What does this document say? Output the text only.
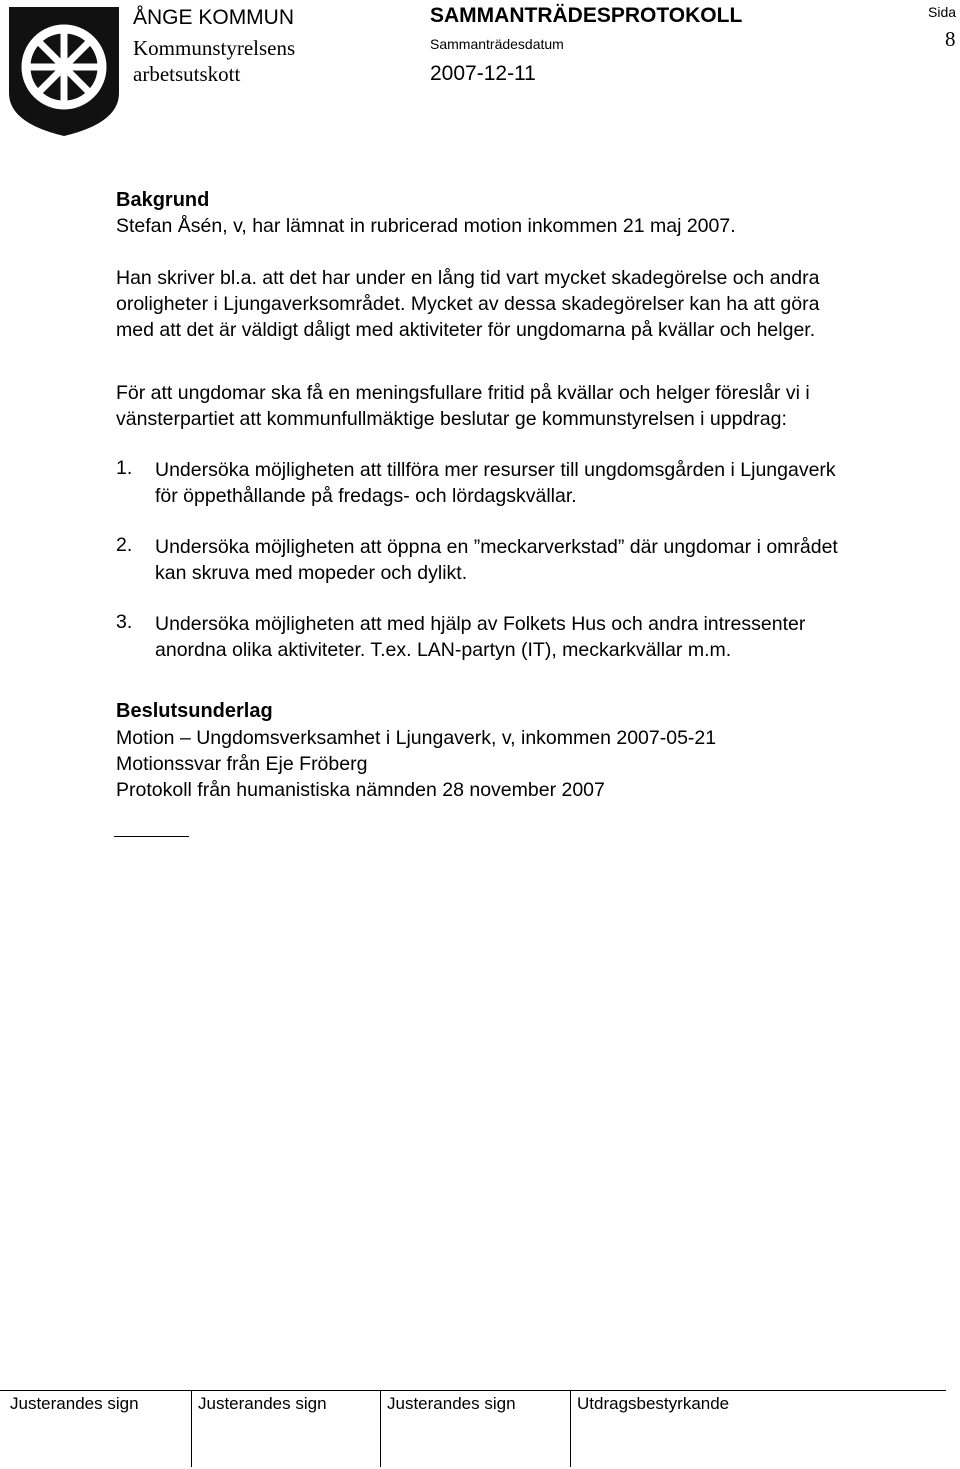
ÅNGE KOMMUN
Kommunstyrelsens
arbetsutskott
SAMMANTRÄDESPROTOKOLL
Sammanträdesdatum
2007-12-11
Sida
8
Bakgrund
Stefan Åsén, v, har lämnat in rubricerad motion inkommen 21 maj 2007.
Han skriver bl.a. att det har under en lång tid vart mycket skadegörelse och andra
oroligheter i Ljungaverksområdet. Mycket av dessa skadegörelser kan ha att göra
med att det är väldigt dåligt med aktiviteter för ungdomarna på kvällar och helger.
För att ungdomar ska få en meningsfullare fritid på kvällar och helger föreslår vi i
vänsterpartiet att kommunfullmäktige beslutar ge kommunstyrelsen i uppdrag:
1. Undersöka möjligheten att tillföra mer resurser till ungdomsgården i Ljungaverk
för öppethållande på fredags- och lördagskvällar.
2. Undersöka möjligheten att öppna en ”meckarverkstad” där ungdomar i området
kan skruva med mopeder och dylikt.
3. Undersöka möjligheten att med hjälp av Folkets Hus och andra intressenter
anordna olika aktiviteter. T.ex. LAN-partyn (IT), meckarkvällar m.m.
Beslutsunderlag
Motion – Ungdomsverksamhet i Ljungaverk, v, inkommen 2007-05-21
Motionssvar från Eje Fröberg
Protokoll från humanistiska nämnden 28 november 2007
Justerandes sign	Justerandes sign	Justerandes sign	Utdragsbestyrkande
